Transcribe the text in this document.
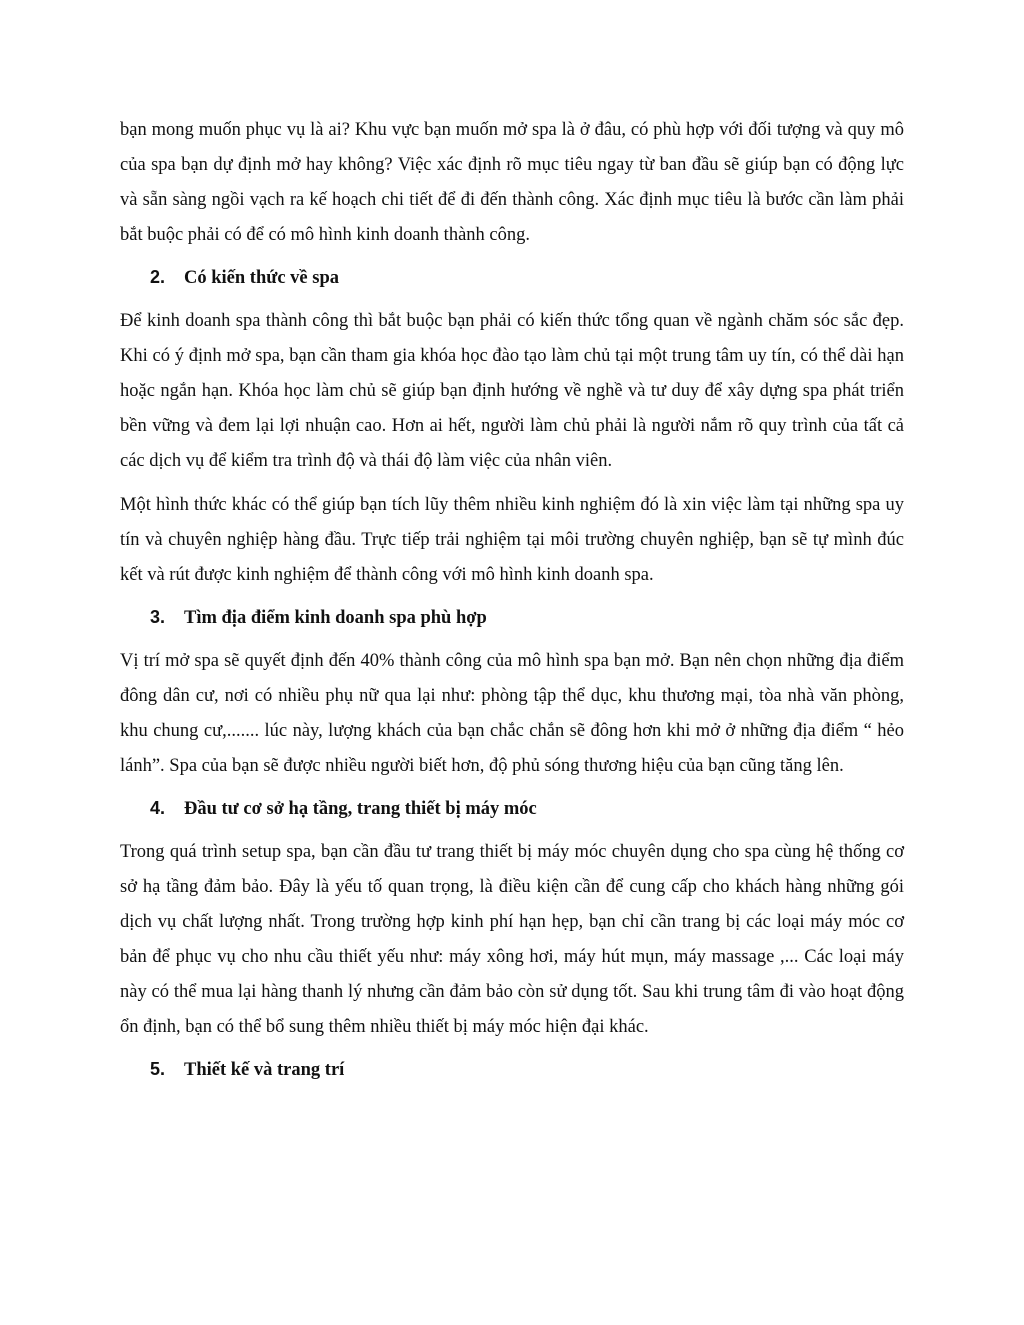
bạn mong muốn phục vụ là ai? Khu vực bạn muốn mở spa là ở đâu, có phù hợp với đối tượng và quy mô của spa bạn dự định mở hay không? Việc xác định rõ mục tiêu ngay từ ban đầu sẽ giúp bạn có động lực và sẵn sàng ngồi vạch ra kế hoạch chi tiết để đi đến thành công. Xác định mục tiêu là bước cần làm phải bắt buộc phải có để có mô hình kinh doanh thành công.

2.	Có kiến thức về spa

Để kinh doanh spa thành công thì bắt buộc bạn phải có kiến thức tổng quan về ngành chăm sóc sắc đẹp. Khi có ý định mở spa, bạn cần tham gia khóa học đào tạo làm chủ tại một trung tâm uy tín, có thể dài hạn hoặc ngắn hạn. Khóa học làm chủ sẽ giúp bạn định hướng về nghề và tư duy để xây dựng spa phát triển bền vững và đem lại lợi nhuận cao. Hơn ai hết, người làm chủ phải là người nắm rõ quy trình của tất cả các dịch vụ để kiểm tra trình độ và thái độ làm việc của nhân viên.

Một hình thức khác có thể giúp bạn tích lũy thêm nhiều kinh nghiệm đó là xin việc làm tại những spa uy tín và chuyên nghiệp hàng đầu. Trực tiếp trải nghiệm tại môi trường chuyên nghiệp, bạn sẽ tự mình đúc kết và rút được kinh nghiệm để thành công với mô hình kinh doanh spa.

3.	Tìm địa điểm kinh doanh spa phù hợp

Vị trí mở spa sẽ quyết định đến 40% thành công của mô hình spa bạn mở. Bạn nên chọn những địa điểm đông dân cư, nơi có nhiều phụ nữ qua lại như: phòng tập thể dục, khu thương mại, tòa nhà văn phòng, khu chung cư,....... lúc này, lượng khách của bạn chắc chắn sẽ đông hơn khi mở ở những địa điểm “ hẻo lánh”. Spa của bạn sẽ được nhiều người biết hơn, độ phủ sóng thương hiệu của bạn cũng tăng lên.

4.	Đầu tư cơ sở hạ tầng, trang thiết bị máy móc

Trong quá trình setup spa, bạn cần đầu tư trang thiết bị máy móc chuyên dụng cho spa cùng hệ thống cơ sở hạ tầng đảm bảo. Đây là yếu tố quan trọng, là điều kiện cần để cung cấp cho khách hàng những gói dịch vụ chất lượng nhất. Trong trường hợp kinh phí hạn hẹp, bạn chỉ cần trang bị các loại máy móc cơ bản để phục vụ cho nhu cầu thiết yếu như: máy xông hơi, máy hút mụn, máy massage ,... Các loại máy này có thể mua lại hàng thanh lý nhưng cần đảm bảo còn sử dụng tốt. Sau khi trung tâm đi vào hoạt động ổn định, bạn có thể bổ sung thêm nhiều thiết bị máy móc hiện đại khác.

5.	Thiết kế và trang trí
